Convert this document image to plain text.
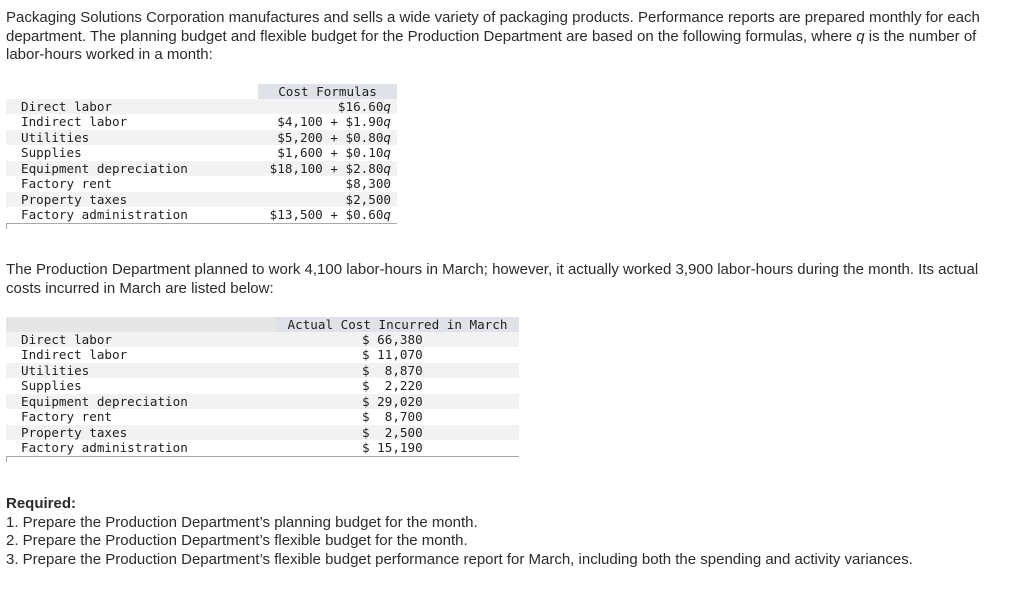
Packaging Solutions Corporation manufactures and sells a wide variety of packaging products. Performance reports are prepared monthly for each department. The planning budget and flexible budget for the Production Department are based on the following formulas, where q is the number of labor-hours worked in a month:

Cost Formulas
Direct labor	$16.60q
Indirect labor	$4,100 + $1.90q
Utilities	$5,200 + $0.80q
Supplies	$1,600 + $0.10q
Equipment depreciation	$18,100 + $2.80q
Factory rent	$8,300
Property taxes	$2,500
Factory administration	$13,500 + $0.60q

The Production Department planned to work 4,100 labor-hours in March; however, it actually worked 3,900 labor-hours during the month. Its actual costs incurred in March are listed below:

Actual Cost Incurred in March
Direct labor	$ 66,380
Indirect labor	$ 11,070
Utilities	$  8,870
Supplies	$  2,220
Equipment depreciation	$ 29,020
Factory rent	$  8,700
Property taxes	$  2,500
Factory administration	$ 15,190
Required:
1. Prepare the Production Department’s planning budget for the month.
2. Prepare the Production Department’s flexible budget for the month.
3. Prepare the Production Department’s flexible budget performance report for March, including both the spending and activity variances.
